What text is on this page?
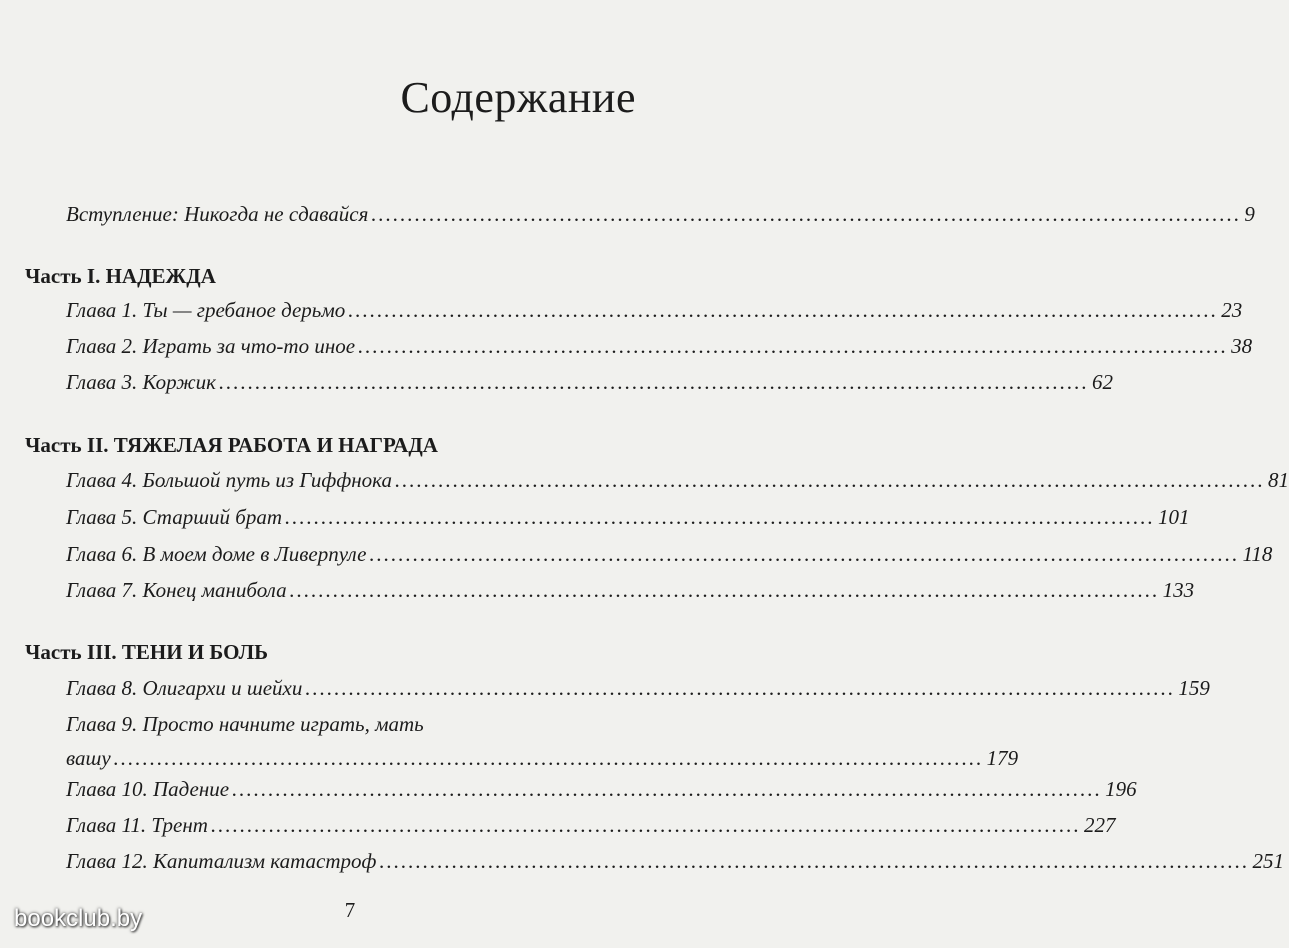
Содержание
Вступление: Никогда не сдавайся ........................................................................................................................ 9
Часть I. НАДЕЖДА
Глава 1. Ты — гребаное дерьмо ........................................................................................................................ 23
Глава 2. Играть за что-то иное ........................................................................................................................ 38
Глава 3. Коржик ........................................................................................................................ 62
Часть II. ТЯЖЕЛАЯ РАБОТА И НАГРАДА
Глава 4. Большой путь из Гиффнока ........................................................................................................................ 81
Глава 5. Старший брат ........................................................................................................................ 101
Глава 6. В моем доме в Ливерпуле ........................................................................................................................ 118
Глава 7. Конец манибола ........................................................................................................................ 133
Часть III. ТЕНИ И БОЛЬ
Глава 8. Олигархи и шейхи ........................................................................................................................ 159
Глава 9. Просто начните играть, мать
вашу ........................................................................................................................ 179
Глава 10. Падение ........................................................................................................................ 196
Глава 11. Трент ........................................................................................................................ 227
Глава 12. Капитализм катастроф ........................................................................................................................ 251
7
bookclub.by
